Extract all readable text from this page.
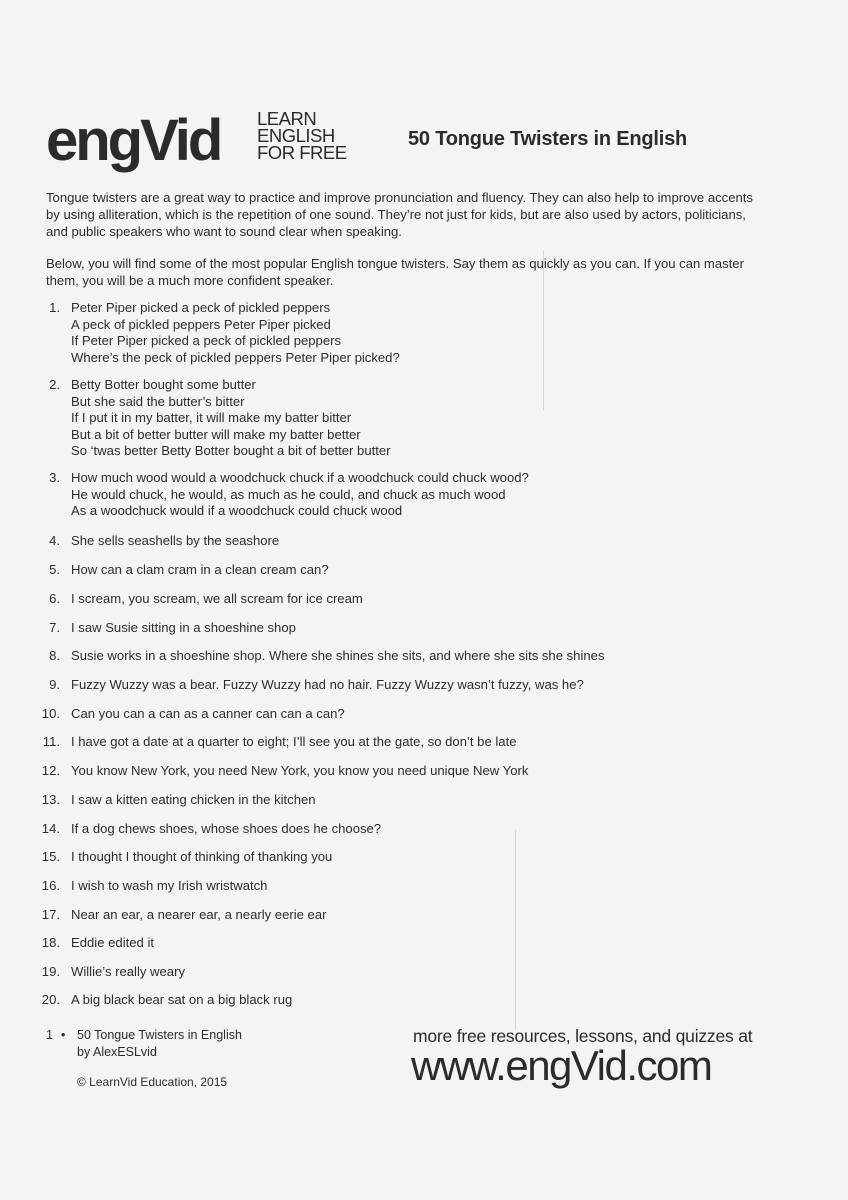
engVid LEARN
ENGLISH
FOR FREE
50 Tongue Twisters in English

Tongue twisters are a great way to practice and improve pronunciation and fluency. They can also help to improve accents by using alliteration, which is the repetition of one sound. They’re not just for kids, but are also used by actors, politicians, and public speakers who want to sound clear when speaking.

Below, you will find some of the most popular English tongue twisters. Say them as quickly as you can. If you can master them, you will be a much more confident speaker.

1. Peter Piper picked a peck of pickled peppers
A peck of pickled peppers Peter Piper picked
If Peter Piper picked a peck of pickled peppers
Where’s the peck of pickled peppers Peter Piper picked?
2. Betty Botter bought some butter
But she said the butter’s bitter
If I put it in my batter, it will make my batter bitter
But a bit of better butter will make my batter better
So ‘twas better Betty Botter bought a bit of better butter
3. How much wood would a woodchuck chuck if a woodchuck could chuck wood?
He would chuck, he would, as much as he could, and chuck as much wood
As a woodchuck would if a woodchuck could chuck wood
4. She sells seashells by the seashore
5. How can a clam cram in a clean cream can?
6. I scream, you scream, we all scream for ice cream
7. I saw Susie sitting in a shoeshine shop
8. Susie works in a shoeshine shop. Where she shines she sits, and where she sits she shines
9. Fuzzy Wuzzy was a bear. Fuzzy Wuzzy had no hair. Fuzzy Wuzzy wasn’t fuzzy, was he?
10. Can you can a can as a canner can can a can?
11. I have got a date at a quarter to eight; I’ll see you at the gate, so don’t be late
12. You know New York, you need New York, you know you need unique New York
13. I saw a kitten eating chicken in the kitchen
14. If a dog chews shoes, whose shoes does he choose?
15. I thought I thought of thinking of thanking you
16. I wish to wash my Irish wristwatch
17. Near an ear, a nearer ear, a nearly eerie ear
18. Eddie edited it
19. Willie’s really weary
20. A big black bear sat on a big black rug
1 • 50 Tongue Twisters in English
by AlexESLvid
© LearnVid Education, 2015
more free resources, lessons, and quizzes at
www.engVid.com
